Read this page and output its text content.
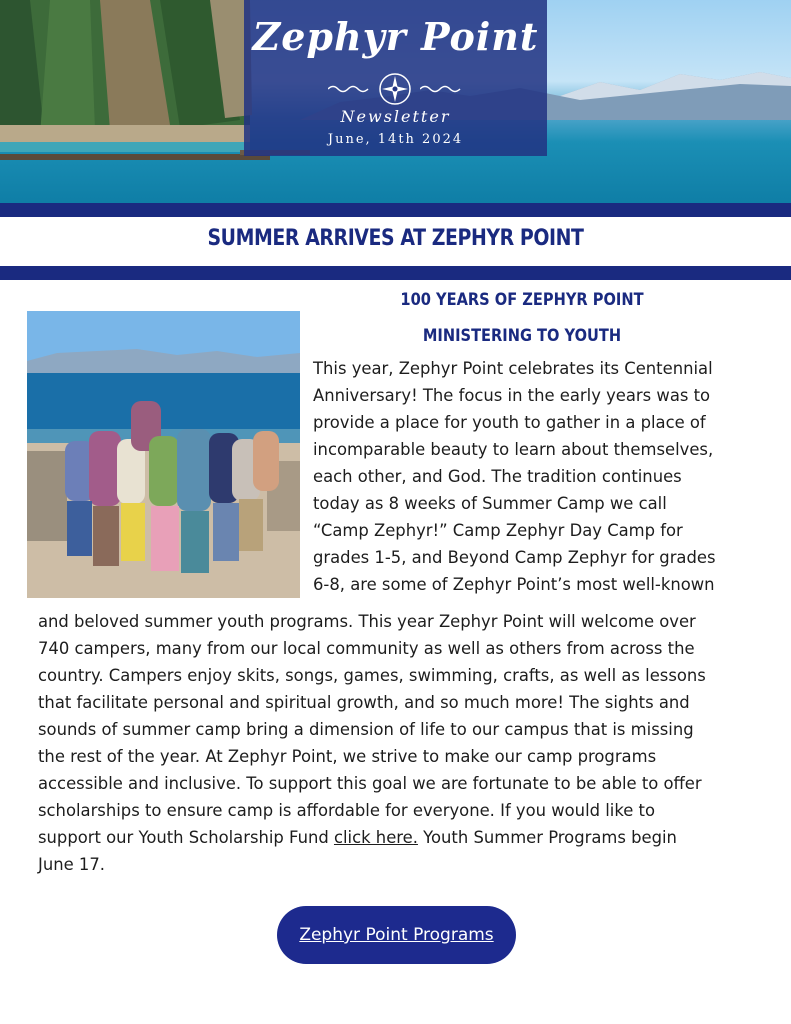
Zephyr Point
Newsletter
June, 14th 2024
SUMMER ARRIVES AT ZEPHYR POINT
100 YEARS OF ZEPHYR POINT
MINISTERING TO YOUTH
This year, Zephyr Point celebrates its Centennial
Anniversary! The focus in the early years was to
provide a place for youth to gather in a place of
incomparable beauty to learn about themselves,
each other, and God. The tradition continues
today as 8 weeks of Summer Camp we call
“Camp Zephyr!” Camp Zephyr Day Camp for
grades 1-5, and Beyond Camp Zephyr for grades
6-8, are some of Zephyr Point’s most well-known
and beloved summer youth programs. This year Zephyr Point will welcome over
740 campers, many from our local community as well as others from across the
country. Campers enjoy skits, songs, games, swimming, crafts, as well as lessons
that facilitate personal and spiritual growth, and so much more! The sights and
sounds of summer camp bring a dimension of life to our campus that is missing
the rest of the year. At Zephyr Point, we strive to make our camp programs
accessible and inclusive. To support this goal we are fortunate to be able to offer
scholarships to ensure camp is affordable for everyone. If you would like to
support our Youth Scholarship Fund click here. Youth Summer Programs begin
June 17.
Zephyr Point Programs
